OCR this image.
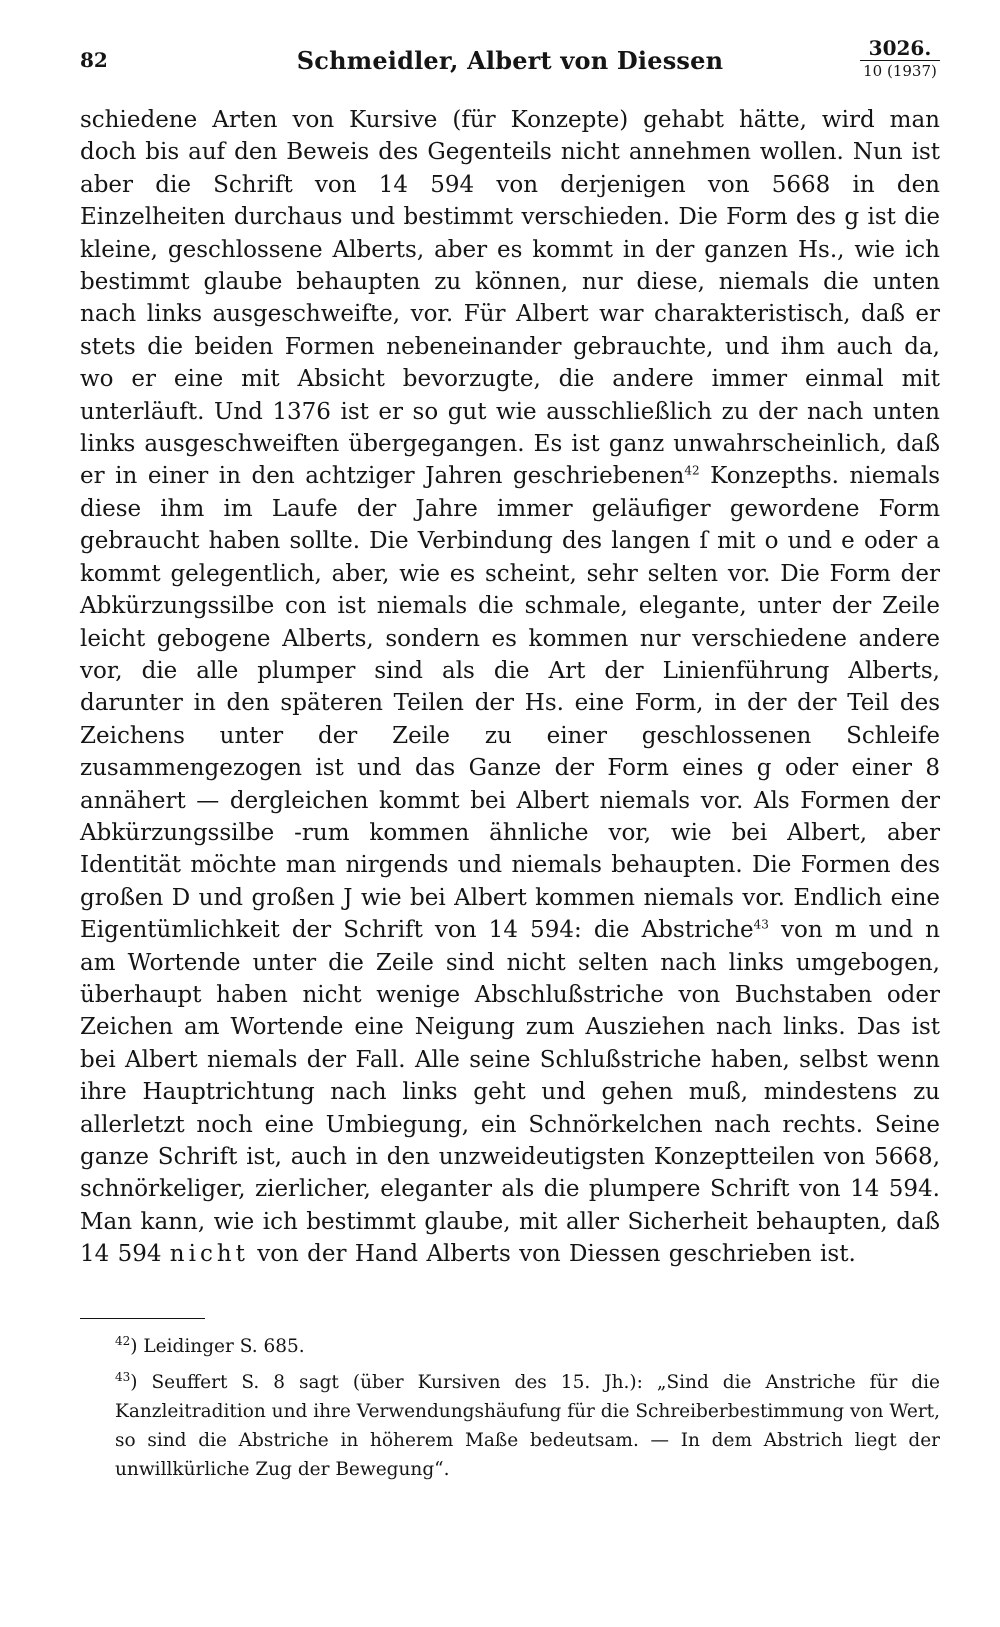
82	Schmeidler, Albert von Diessen	3026.
10 (1937)

schiedene Arten von Kursive (für Konzepte) gehabt hätte, wird man doch bis auf den Beweis des Gegenteils nicht annehmen wollen. Nun ist aber die Schrift von 14 594 von derjenigen von 5668 in den Einzelheiten durchaus und bestimmt verschieden. Die Form des g ist die kleine, geschlossene Alberts, aber es kommt in der ganzen Hs., wie ich bestimmt glaube behaupten zu können, nur diese, niemals die unten nach links ausgeschweifte, vor. Für Albert war charakteristisch, daß er stets die beiden Formen nebeneinander gebrauchte, und ihm auch da, wo er eine mit Absicht bevorzugte, die andere immer einmal mit unterläuft. Und 1376 ist er so gut wie ausschließlich zu der nach unten links ausgeschweiften übergegangen. Es ist ganz unwahrscheinlich, daß er in einer in den achtziger Jahren geschriebenen$^{42}$ Konzepths. niemals diese ihm im Laufe der Jahre immer geläufiger gewordene Form gebraucht haben sollte. Die Verbindung des langen ſ mit o und e oder a kommt gelegentlich, aber, wie es scheint, sehr selten vor. Die Form der Abkürzungssilbe con ist niemals die schmale, elegante, unter der Zeile leicht gebogene Alberts, sondern es kommen nur verschiedene andere vor, die alle plumper sind als die Art der Linienführung Alberts, darunter in den späteren Teilen der Hs. eine Form, in der der Teil des Zeichens unter der Zeile zu einer geschlossenen Schleife zusammengezogen ist und das Ganze der Form eines g oder einer 8 annähert — dergleichen kommt bei Albert niemals vor. Als Formen der Abkürzungssilbe -rum kommen ähnliche vor, wie bei Albert, aber Identität möchte man nirgends und niemals behaupten. Die Formen des großen D und großen J wie bei Albert kommen niemals vor. Endlich eine Eigentümlichkeit der Schrift von 14 594: die Abstriche$^{43}$ von m und n am Wortende unter die Zeile sind nicht selten nach links umgebogen, überhaupt haben nicht wenige Abschlußstriche von Buchstaben oder Zeichen am Wortende eine Neigung zum Ausziehen nach links. Das ist bei Albert niemals der Fall. Alle seine Schlußstriche haben, selbst wenn ihre Hauptrichtung nach links geht und gehen muß, mindestens zu allerletzt noch eine Umbiegung, ein Schnörkelchen nach rechts. Seine ganze Schrift ist, auch in den unzweideutigsten Konzeptteilen von 5668, schnörkeliger, zierlicher, eleganter als die plumpere Schrift von 14 594. Man kann, wie ich bestimmt glaube, mit aller Sicherheit behaupten, daß 14 594 nicht von der Hand Alberts von Diessen geschrieben ist.

$^{42}$) Leidinger S. 685.

$^{43}$) Seuffert S. 8 sagt (über Kursiven des 15. Jh.): „Sind die Anstriche für die Kanzleitradition und ihre Verwendungshäufung für die Schreiberbestimmung von Wert, so sind die Abstriche in höherem Maße bedeutsam. — In dem Abstrich liegt der unwillkürliche Zug der Bewegung“.
